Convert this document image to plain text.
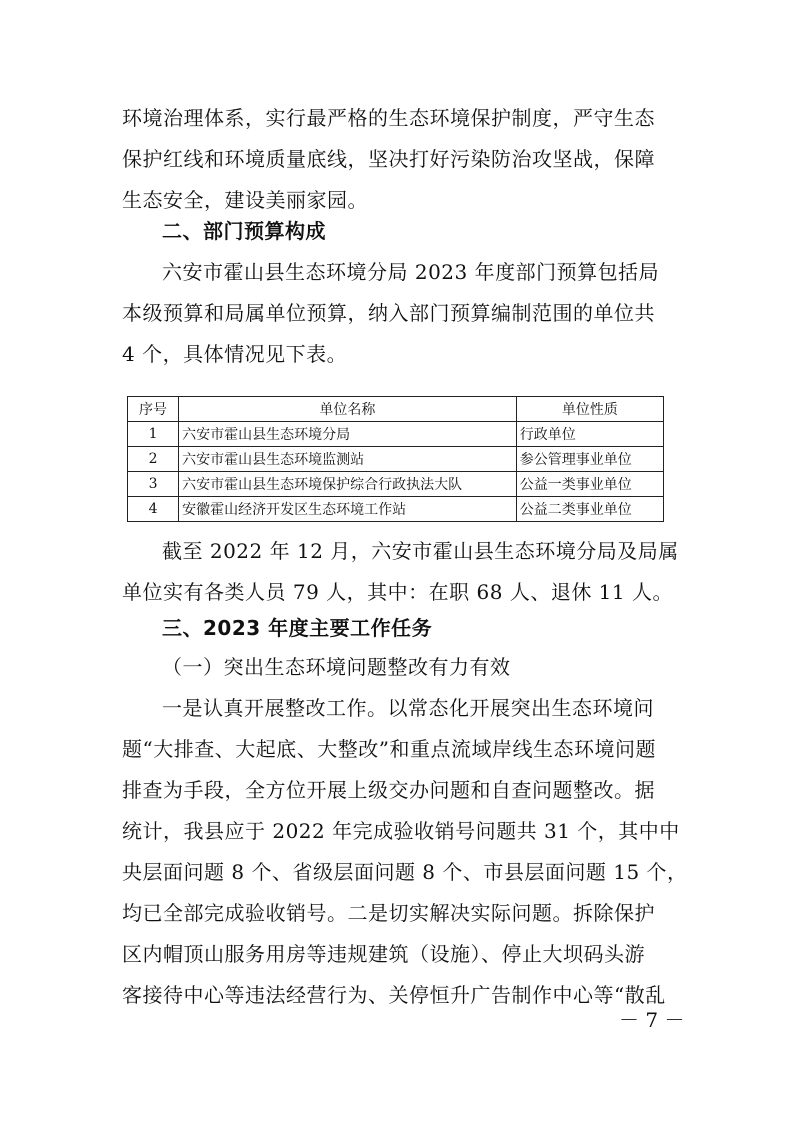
环境治理体系，实行最严格的生态环境保护制度，严守生态
保护红线和环境质量底线，坚决打好污染防治攻坚战，保障
生态安全，建设美丽家园。
二、部门预算构成
六安市霍山县生态环境分局 2023 年度部门预算包括局
本级预算和局属单位预算，纳入部门预算编制范围的单位共
4 个，具体情况见下表。
序号	单位名称	单位性质
1	六安市霍山县生态环境分局	行政单位
2	六安市霍山县生态环境监测站	参公管理事业单位
3	六安市霍山县生态环境保护综合行政执法大队	公益一类事业单位
4	安徽霍山经济开发区生态环境工作站	公益二类事业单位
截至 2022 年 12 月，六安市霍山县生态环境分局及局属
单位实有各类人员 79 人，其中：在职 68 人、退休 11 人。
三、2023 年度主要工作任务
（一）突出生态环境问题整改有力有效
一是认真开展整改工作。以常态化开展突出生态环境问
题“大排查、大起底、大整改”和重点流域岸线生态环境问题
排查为手段，全方位开展上级交办问题和自查问题整改。据
统计，我县应于 2022 年完成验收销号问题共 31 个，其中中
央层面问题 8 个、省级层面问题 8 个、市县层面问题 15 个，
均已全部完成验收销号。二是切实解决实际问题。拆除保护
区内帽顶山服务用房等违规建筑（设施）、停止大坝码头游
客接待中心等违法经营行为、关停恒升广告制作中心等“散乱
－ 7 －
